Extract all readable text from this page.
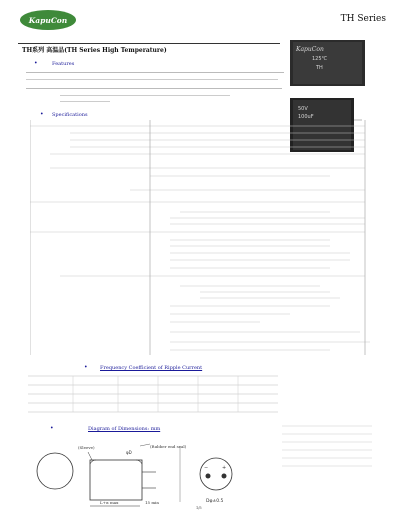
KapuCon	TH Series
TH系列 高温品(TH Series High Temperature)	KapuCon
125℃
TH
50V
100uF
•	Features
• Specifications
• Frequency Coefficient of Ripple Current
•	Diagram of Dimensions: mm
(Sleeve)
φD
(Rubber end seal)
L+α max	15 min
−	+
Dφ±0.5
1/5
